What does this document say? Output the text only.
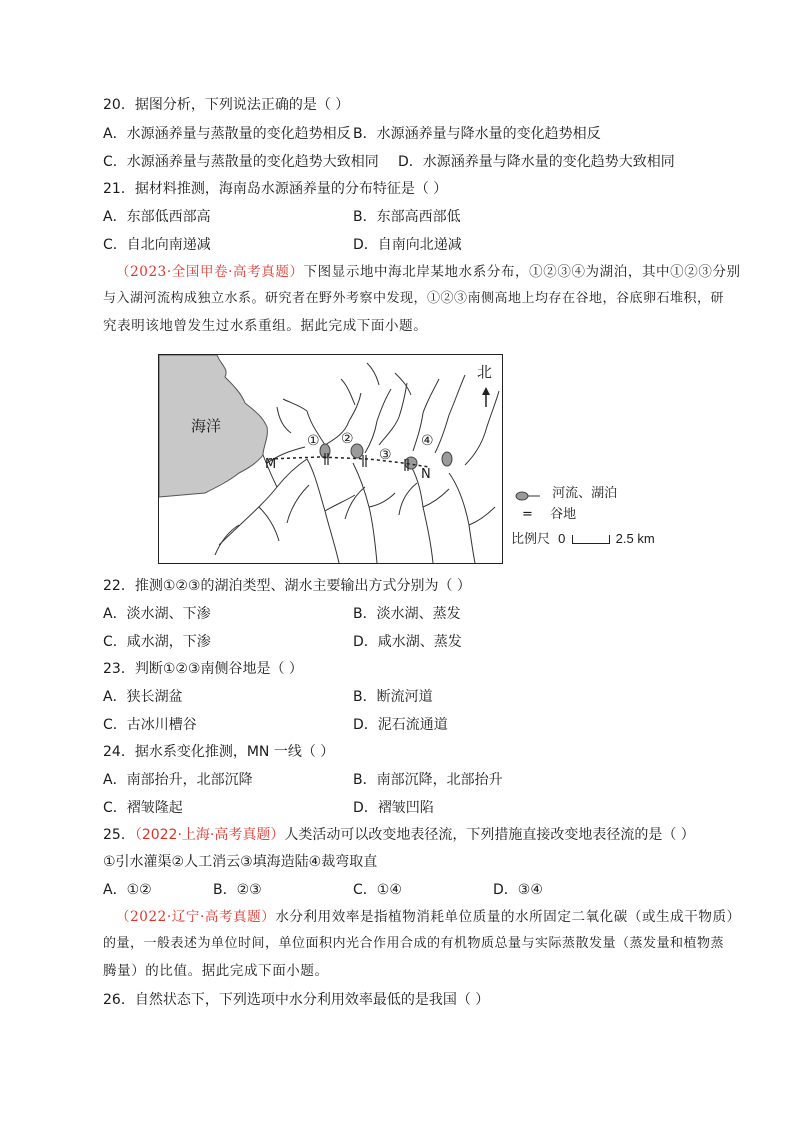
20．据图分析，下列说法正确的是（ ）
A．水源涵养量与蒸散量的变化趋势相反 B．水源涵养量与降水量的变化趋势相反
C．水源涵养量与蒸散量的变化趋势大致相同 D．水源涵养量与降水量的变化趋势大致相同
21．据材料推测，海南岛水源涵养量的分布特征是（ ）
A．东部低西部高	B．东部高西部低
C．自北向南递减	D．自南向北递减
（2023·全国甲卷·高考真题）下图显示地中海北岸某地水系分布，①②③④为湖泊，其中①②③分别
与入湖河流构成独立水系。研究者在野外考察中发现，①②③南侧高地上均存在谷地，谷底卵石堆积，研
究表明该地曾发生过水系重组。据此完成下面小题。
① ②
③
④
海洋
北
M
N
河流、湖泊
= 谷地
比例尺 0	2.5 km
22．推测①②③的湖泊类型、湖水主要输出方式分别为（ ）
A．淡水湖、下渗	B．淡水湖、蒸发
C．咸水湖，下渗	D．咸水湖、蒸发
23．判断①②③南侧谷地是（ ）
A．狭长湖盆	B．断流河道
C．古冰川槽谷	D．泥石流通道
24．据水系变化推测，MN 一线（ ）
A．南部抬升，北部沉降	B．南部沉降，北部抬升
C．褶皱隆起	D．褶皱凹陷
25．（2022·上海·高考真题）人类活动可以改变地表径流，下列措施直接改变地表径流的是（ ）
①引水灌渠②人工消云③填海造陆④裁弯取直
A．①②	B．②③	C．①④	D．③④
（2022·辽宁·高考真题）水分利用效率是指植物消耗单位质量的水所固定二氧化碳（或生成干物质）
的量，一般表述为单位时间，单位面积内光合作用合成的有机物质总量与实际蒸散发量（蒸发量和植物蒸
腾量）的比值。据此完成下面小题。
26．自然状态下，下列选项中水分利用效率最低的是我国（ ）
